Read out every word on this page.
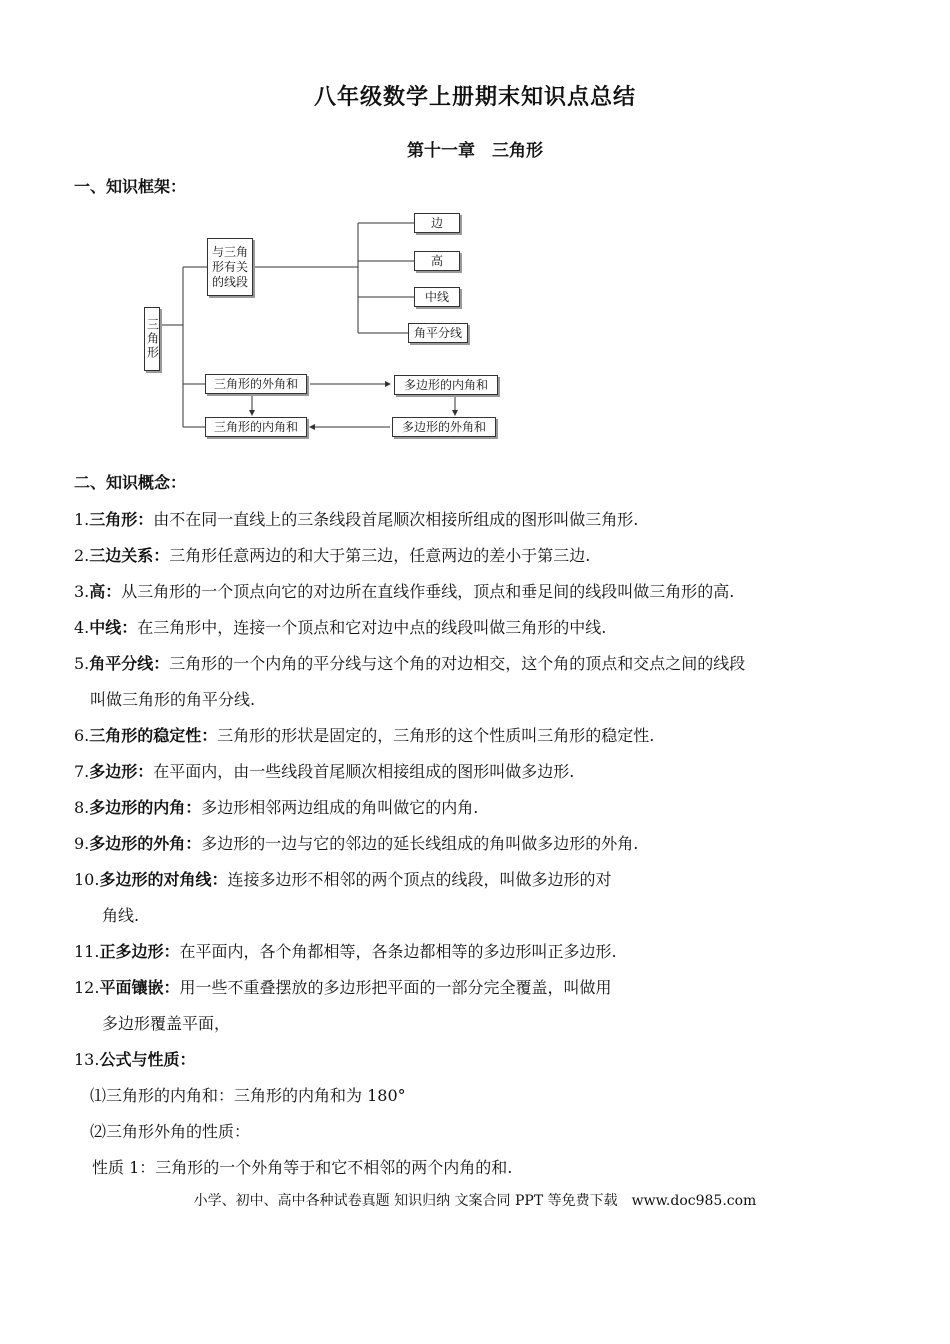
八年级数学上册期末知识点总结
第十一章　三角形
一、知识框架：
三角形
与三角
形有关
的线段
边
高
中线
角平分线
三角形的外角和	多边形的内角和
三角形的内角和	多边形的外角和
二、知识概念：

1.三角形：由不在同一直线上的三条线段首尾顺次相接所组成的图形叫做三角形.

2.三边关系：三角形任意两边的和大于第三边，任意两边的差小于第三边.

3.高：从三角形的一个顶点向它的对边所在直线作垂线，顶点和垂足间的线段叫做三角形的高.

4.中线：在三角形中，连接一个顶点和它对边中点的线段叫做三角形的中线.

5.角平分线：三角形的一个内角的平分线与这个角的对边相交，这个角的顶点和交点之间的线段
叫做三角形的角平分线.

6.三角形的稳定性：三角形的形状是固定的，三角形的这个性质叫三角形的稳定性.

7.多边形：在平面内，由一些线段首尾顺次相接组成的图形叫做多边形.

8.多边形的内角：多边形相邻两边组成的角叫做它的内角.

9.多边形的外角：多边形的一边与它的邻边的延长线组成的角叫做多边形的外角.

10.多边形的对角线：连接多边形不相邻的两个顶点的线段，叫做多边形的对
角线.

11.正多边形：在平面内，各个角都相等，各条边都相等的多边形叫正多边形.

12.平面镶嵌：用一些不重叠摆放的多边形把平面的一部分完全覆盖，叫做用
多边形覆盖平面，

13.公式与性质：

⑴三角形的内角和：三角形的内角和为 180°

⑵三角形外角的性质：

性质 1：三角形的一个外角等于和它不相邻的两个内角的和.

小学、初中、高中各种试卷真题 知识归纳 文案合同 PPT 等免费下载　www.doc985.com
